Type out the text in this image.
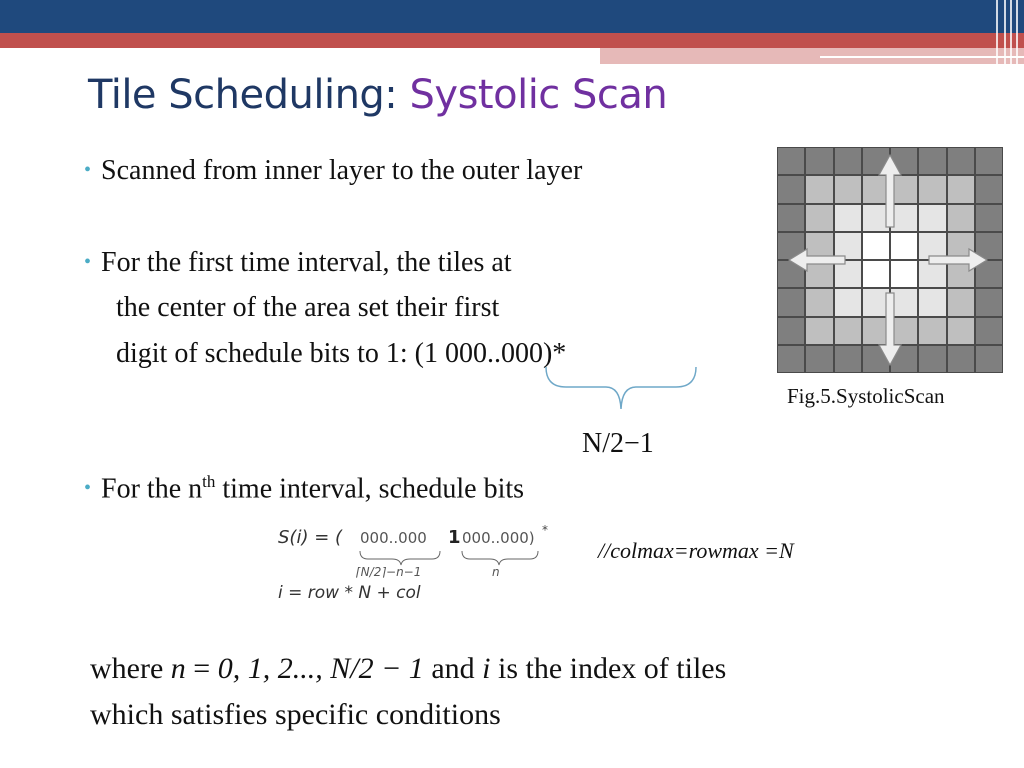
Tile Scheduling: Systolic Scan
• Scanned from inner layer to the outer layer
• For the first time interval, the tiles at
the center of the area set their first
digit of schedule bits to 1: (1 000..000)*
N/2−1
• For the $n^{th}$ time interval, schedule bits
Fig.5.SystolicScan
S(i) = ( 000..000 1 000..000) *
⌈N/2⌉−n−1	n
i = row * N + col
//colmax=rowmax =N
where n = 0, 1, 2..., N/2 − 1 and i is the index of tiles
which satisfies specific conditions
